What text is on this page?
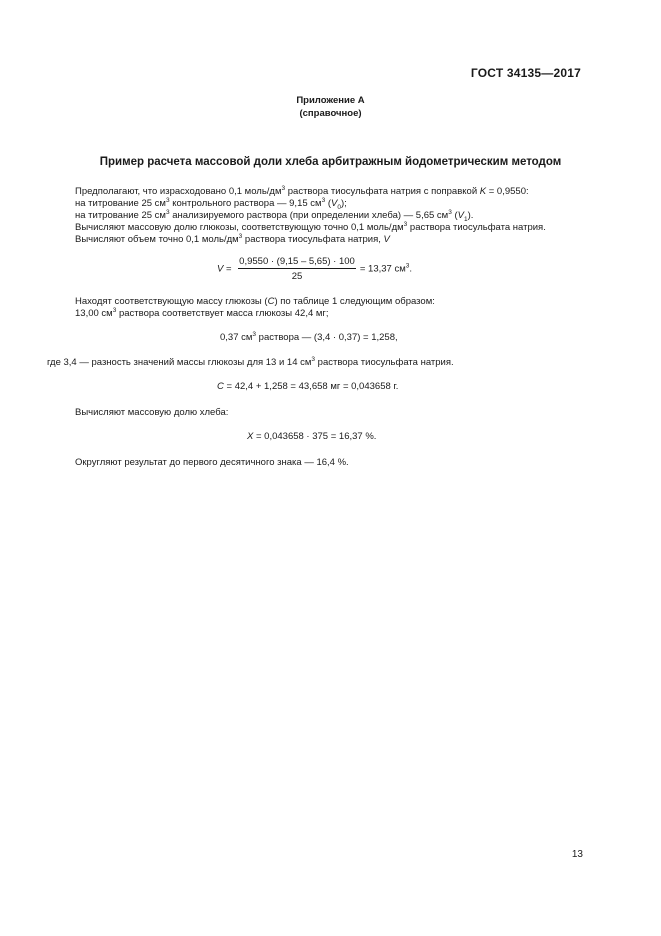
ГОСТ 34135—2017
Приложение А
(справочное)
Пример расчета массовой доли хлеба арбитражным йодометрическим методом
Предполагают, что израсходовано 0,1 моль/$дм^3$ раствора тиосульфата натрия с поправкой K = 0,9550:
на титрование 25 $см^3$ контрольного раствора — 9,15 $см^3$ $(V_0)$;
на титрование 25 $см^3$ анализируемого раствора (при определении хлеба) — 5,65 $см^3$ $(V_1)$.
Вычисляют массовую долю глюкозы, соответствующую точно 0,1 моль/$дм^3$ раствора тиосульфата натрия.
Вычисляют объем точно 0,1 моль/$дм^3$ раствора тиосульфата натрия, V
$V = \frac{0,9550 \cdot (9,15 - 5,65) \cdot 100}{25} = 13,37$ $см^3$.
Находят соответствующую массу глюкозы (C) по таблице 1 следующим образом:
13,00 $см^3$ раствора соответствует масса глюкозы 42,4 мг;
0,37 $см^3$ раствора — (3,4 · 0,37) = 1,258,
где 3,4 — разность значений массы глюкозы для 13 и 14 $см^3$ раствора тиосульфата натрия.
C = 42,4 + 1,258 = 43,658 мг = 0,043658 г.
Вычисляют массовую долю хлеба:
X = 0,043658 · 375 = 16,37 %.
Округляют результат до первого десятичного знака — 16,4 %.
13
